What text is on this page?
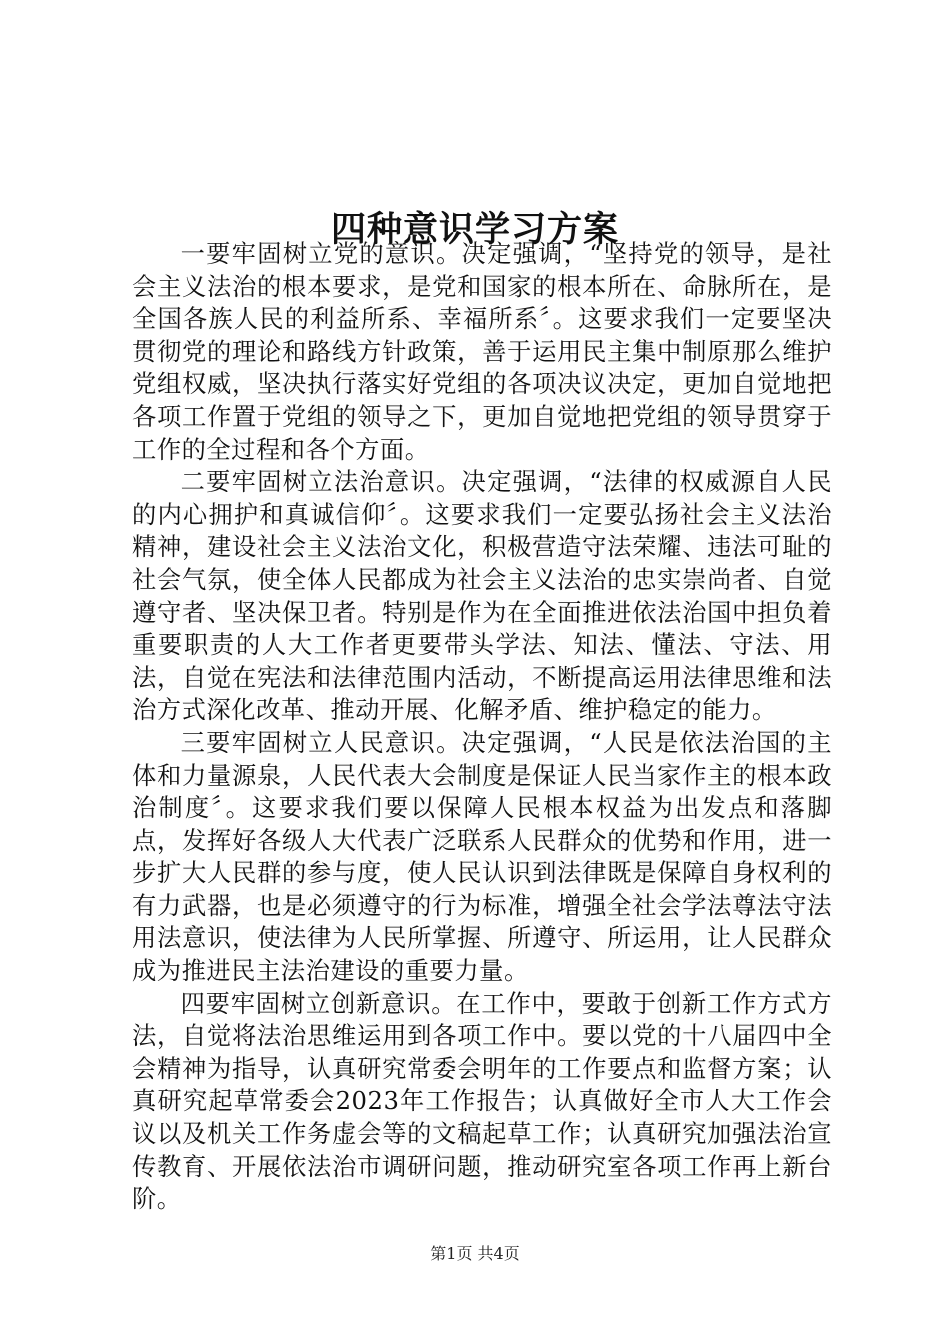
四种意识学习方案

一要牢固树立党的意识。决定强调，“坚持党的领导，是社会主义法治的根本要求，是党和国家的根本所在、命脉所在，是全国各族人民的利益所系、幸福所系〞。这要求我们一定要坚决贯彻党的理论和路线方针政策，善于运用民主集中制原那么维护党组权威，坚决执行落实好党组的各项决议决定，更加自觉地把各项工作置于党组的领导之下，更加自觉地把党组的领导贯穿于工作的全过程和各个方面。

二要牢固树立法治意识。决定强调，“法律的权威源自人民的内心拥护和真诚信仰〞。这要求我们一定要弘扬社会主义法治精神，建设社会主义法治文化，积极营造守法荣耀、违法可耻的社会气氛，使全体人民都成为社会主义法治的忠实崇尚者、自觉遵守者、坚决保卫者。特别是作为在全面推进依法治国中担负着重要职责的人大工作者更要带头学法、知法、懂法、守法、用法，自觉在宪法和法律范围内活动，不断提高运用法律思维和法治方式深化改革、推动开展、化解矛盾、维护稳定的能力。

三要牢固树立人民意识。决定强调，“人民是依法治国的主体和力量源泉，人民代表大会制度是保证人民当家作主的根本政治制度〞。这要求我们要以保障人民根本权益为出发点和落脚点，发挥好各级人大代表广泛联系人民群众的优势和作用，进一步扩大人民群的参与度，使人民认识到法律既是保障自身权利的有力武器，也是必须遵守的行为标准，增强全社会学法尊法守法用法意识，使法律为人民所掌握、所遵守、所运用，让人民群众成为推进民主法治建设的重要力量。

四要牢固树立创新意识。在工作中，要敢于创新工作方式方法，自觉将法治思维运用到各项工作中。要以党的十八届四中全会精神为指导，认真研究常委会明年的工作要点和监督方案；认真研究起草常委会2023年工作报告；认真做好全市人大工作会议以及机关工作务虚会等的文稿起草工作；认真研究加强法治宣传教育、开展依法治市调研问题，推动研究室各项工作再上新台阶。

第1页 共4页
